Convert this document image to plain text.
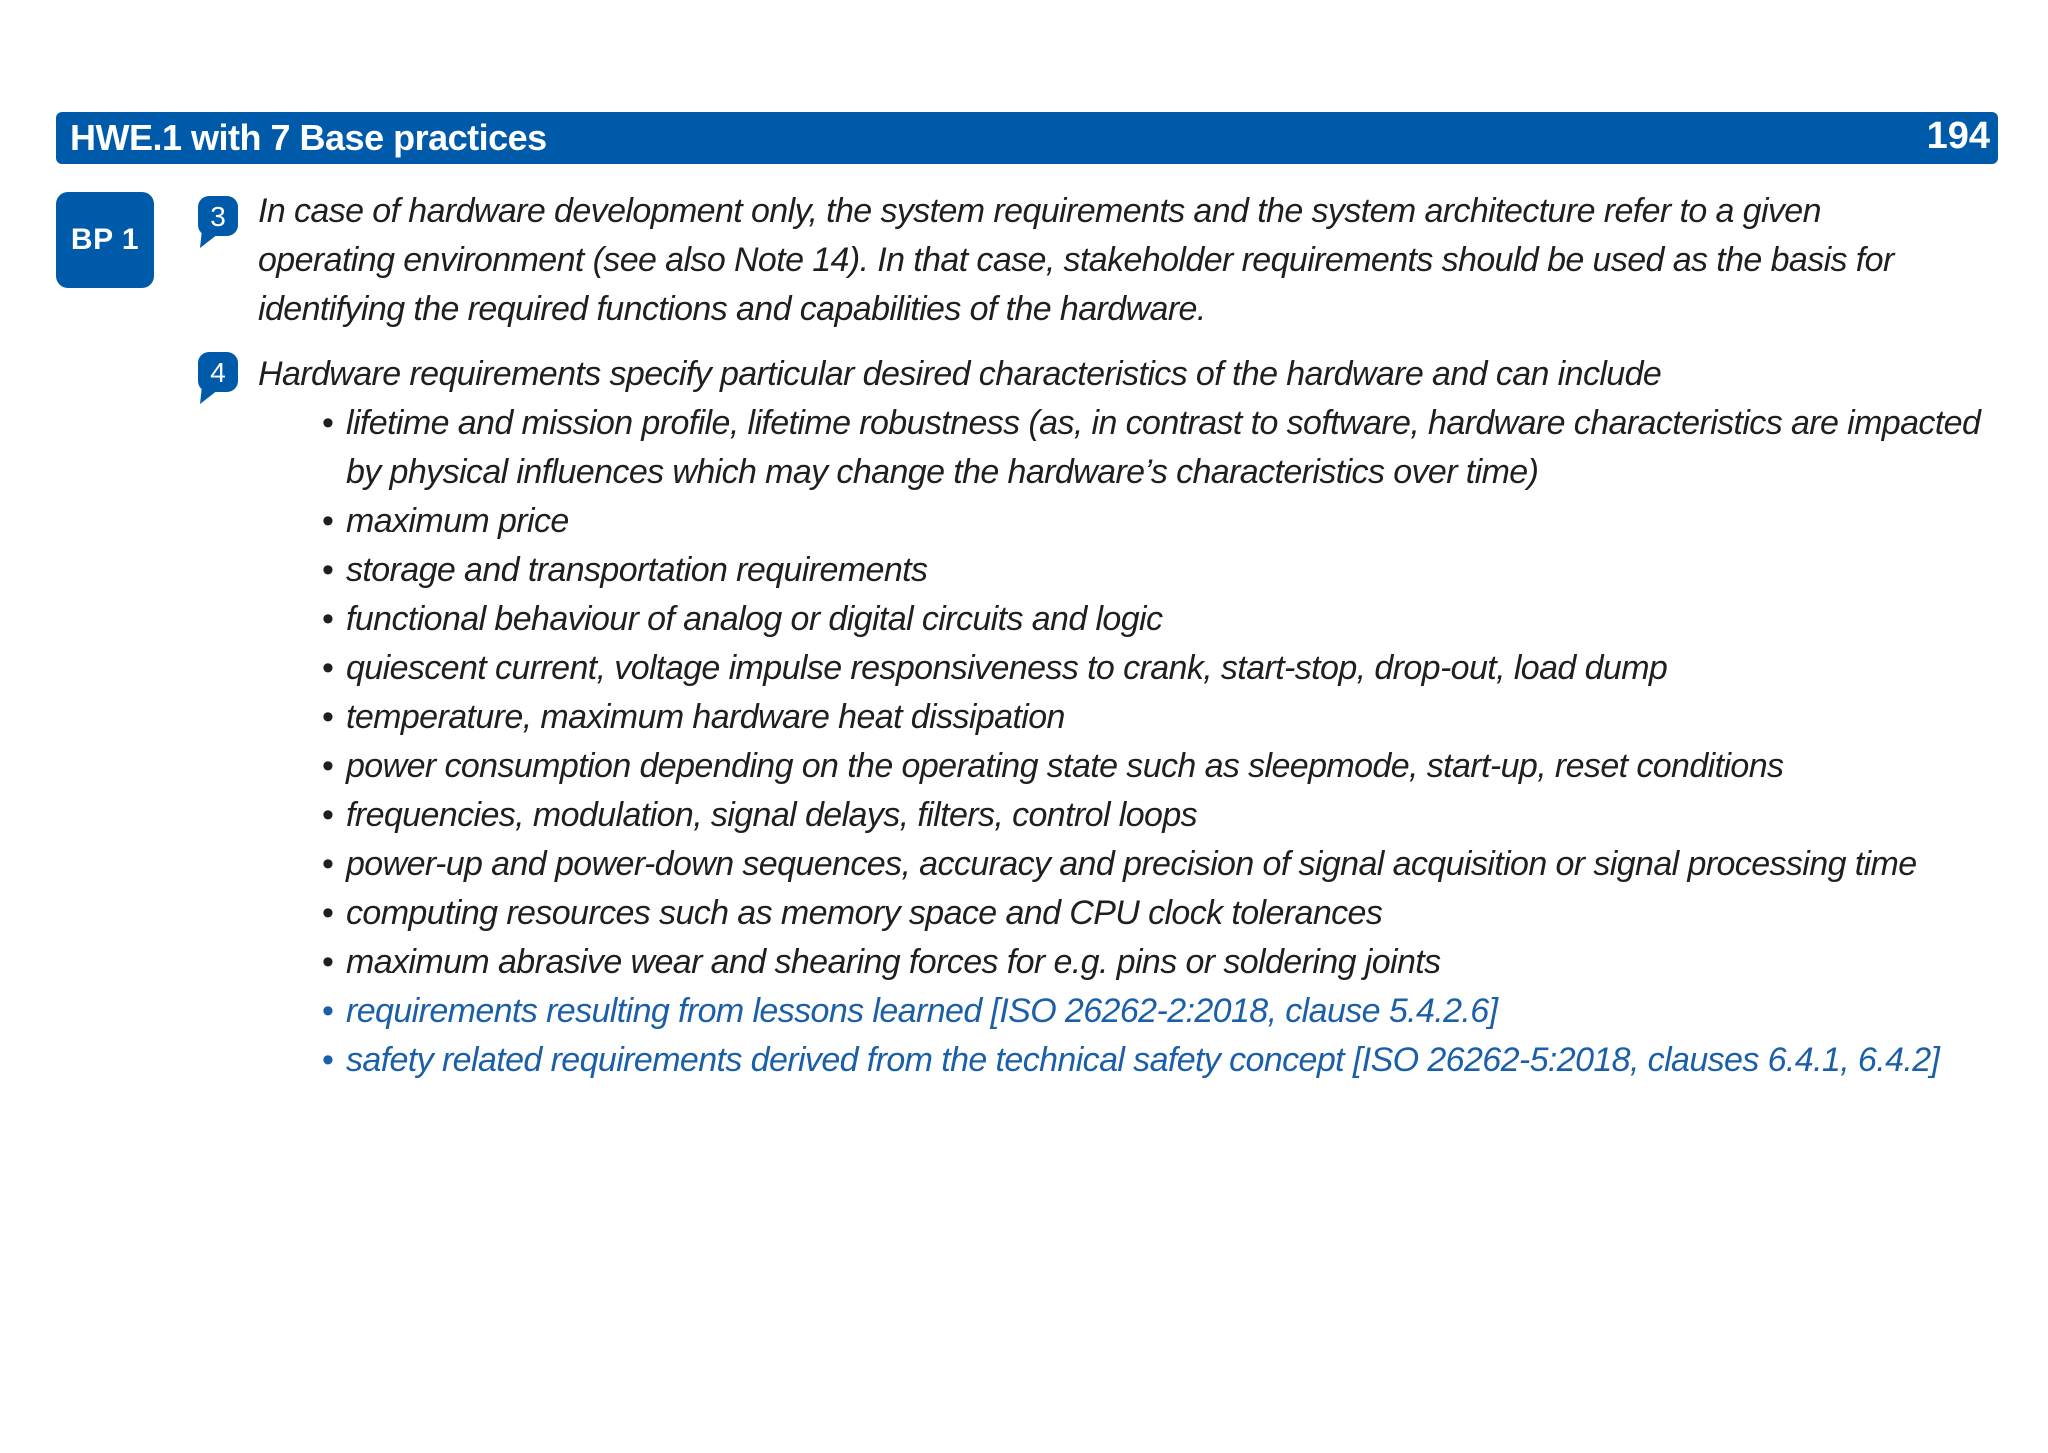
HWE.1 with 7 Base practices	194
BP 1
3 In case of hardware development only, the system requirements and the system architecture refer to a given operating environment (see also Note 14). In that case, stakeholder requirements should be used as the basis for identifying the required functions and capabilities of the hardware.

4 Hardware requirements specify particular desired characteristics of the hardware and can include

• lifetime and mission profile, lifetime robustness (as, in contrast to software, hardware characteristics are impacted by physical influences which may change the hardware’s characteristics over time)
• maximum price
• storage and transportation requirements
• functional behaviour of analog or digital circuits and logic
• quiescent current, voltage impulse responsiveness to crank, start-stop, drop-out, load dump
• temperature, maximum hardware heat dissipation
• power consumption depending on the operating state such as sleepmode, start-up, reset conditions
• frequencies, modulation, signal delays, filters, control loops
• power-up and power-down sequences, accuracy and precision of signal acquisition or signal processing time
• computing resources such as memory space and CPU clock tolerances
• maximum abrasive wear and shearing forces for e.g. pins or soldering joints
• requirements resulting from lessons learned [ISO 26262-2:2018, clause 5.4.2.6]
• safety related requirements derived from the technical safety concept [ISO 26262-5:2018, clauses 6.4.1, 6.4.2]
